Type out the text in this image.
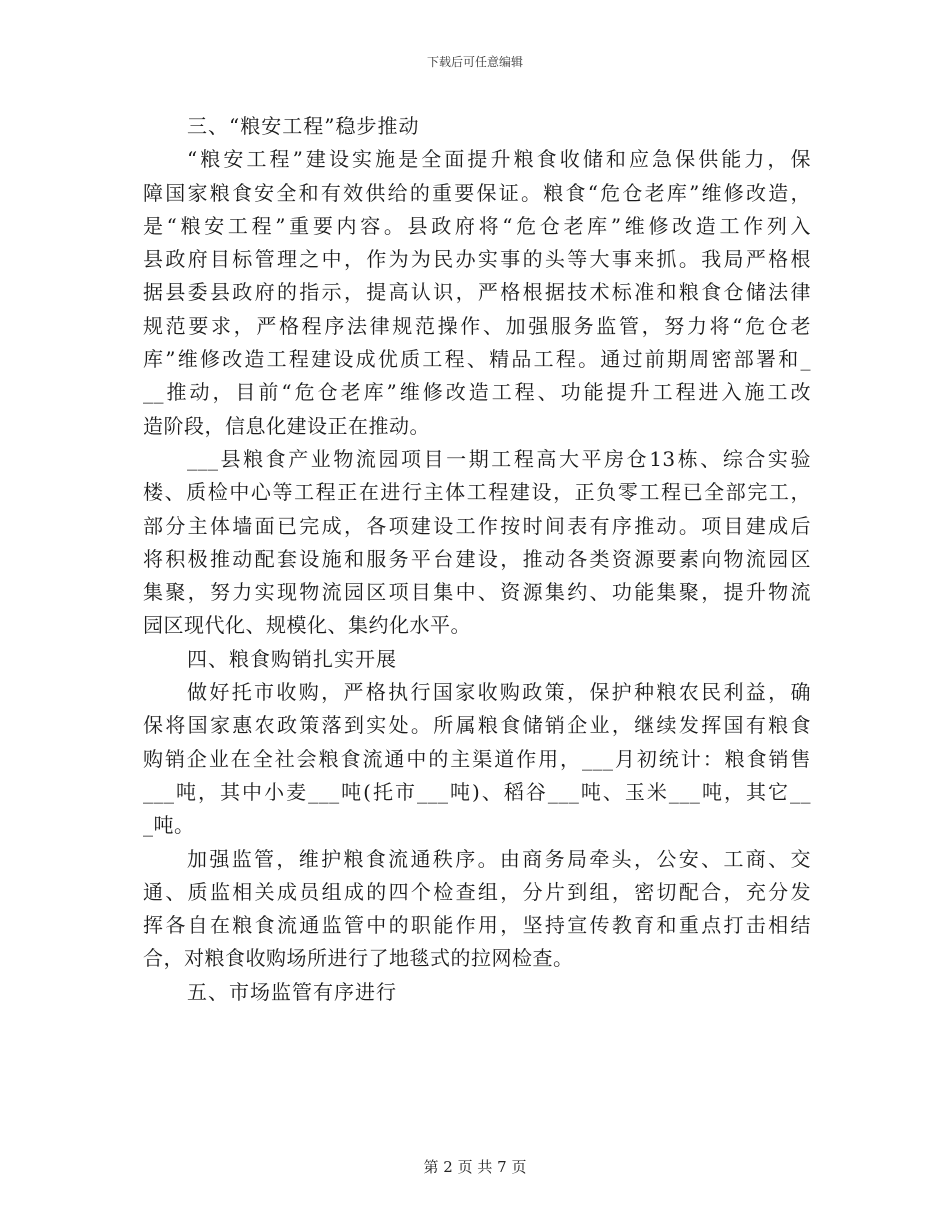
下载后可任意编辑
三、“粮安工程”稳步推动
“粮安工程”建设实施是全面提升粮食收储和应急保供能力，保
障国家粮食安全和有效供给的重要保证。粮食“危仓老库”维修改造，
是“粮安工程”重要内容。县政府将“危仓老库”维修改造工作列入
县政府目标管理之中，作为为民办实事的头等大事来抓。我局严格根
据县委县政府的指示，提高认识，严格根据技术标准和粮食仓储法律
规范要求，严格程序法律规范操作、加强服务监管，努力将“危仓老
库”维修改造工程建设成优质工程、精品工程。通过前期周密部署和_
__推动，目前“危仓老库”维修改造工程、功能提升工程进入施工改
造阶段，信息化建设正在推动。
___县粮食产业物流园项目一期工程高大平房仓13栋、综合实验
楼、质检中心等工程正在进行主体工程建设，正负零工程已全部完工，
部分主体墙面已完成，各项建设工作按时间表有序推动。项目建成后
将积极推动配套设施和服务平台建设，推动各类资源要素向物流园区
集聚，努力实现物流园区项目集中、资源集约、功能集聚，提升物流
园区现代化、规模化、集约化水平。
四、粮食购销扎实开展
做好托市收购，严格执行国家收购政策，保护种粮农民利益，确
保将国家惠农政策落到实处。所属粮食储销企业，继续发挥国有粮食
购销企业在全社会粮食流通中的主渠道作用，___月初统计：粮食销售
___吨，其中小麦___吨(托市___吨)、稻谷___吨、玉米___吨，其它__
_吨。
加强监管，维护粮食流通秩序。由商务局牵头，公安、工商、交
通、质监相关成员组成的四个检查组，分片到组，密切配合，充分发
挥各自在粮食流通监管中的职能作用，坚持宣传教育和重点打击相结
合，对粮食收购场所进行了地毯式的拉网检查。
五、市场监管有序进行
第 2 页 共 7 页
